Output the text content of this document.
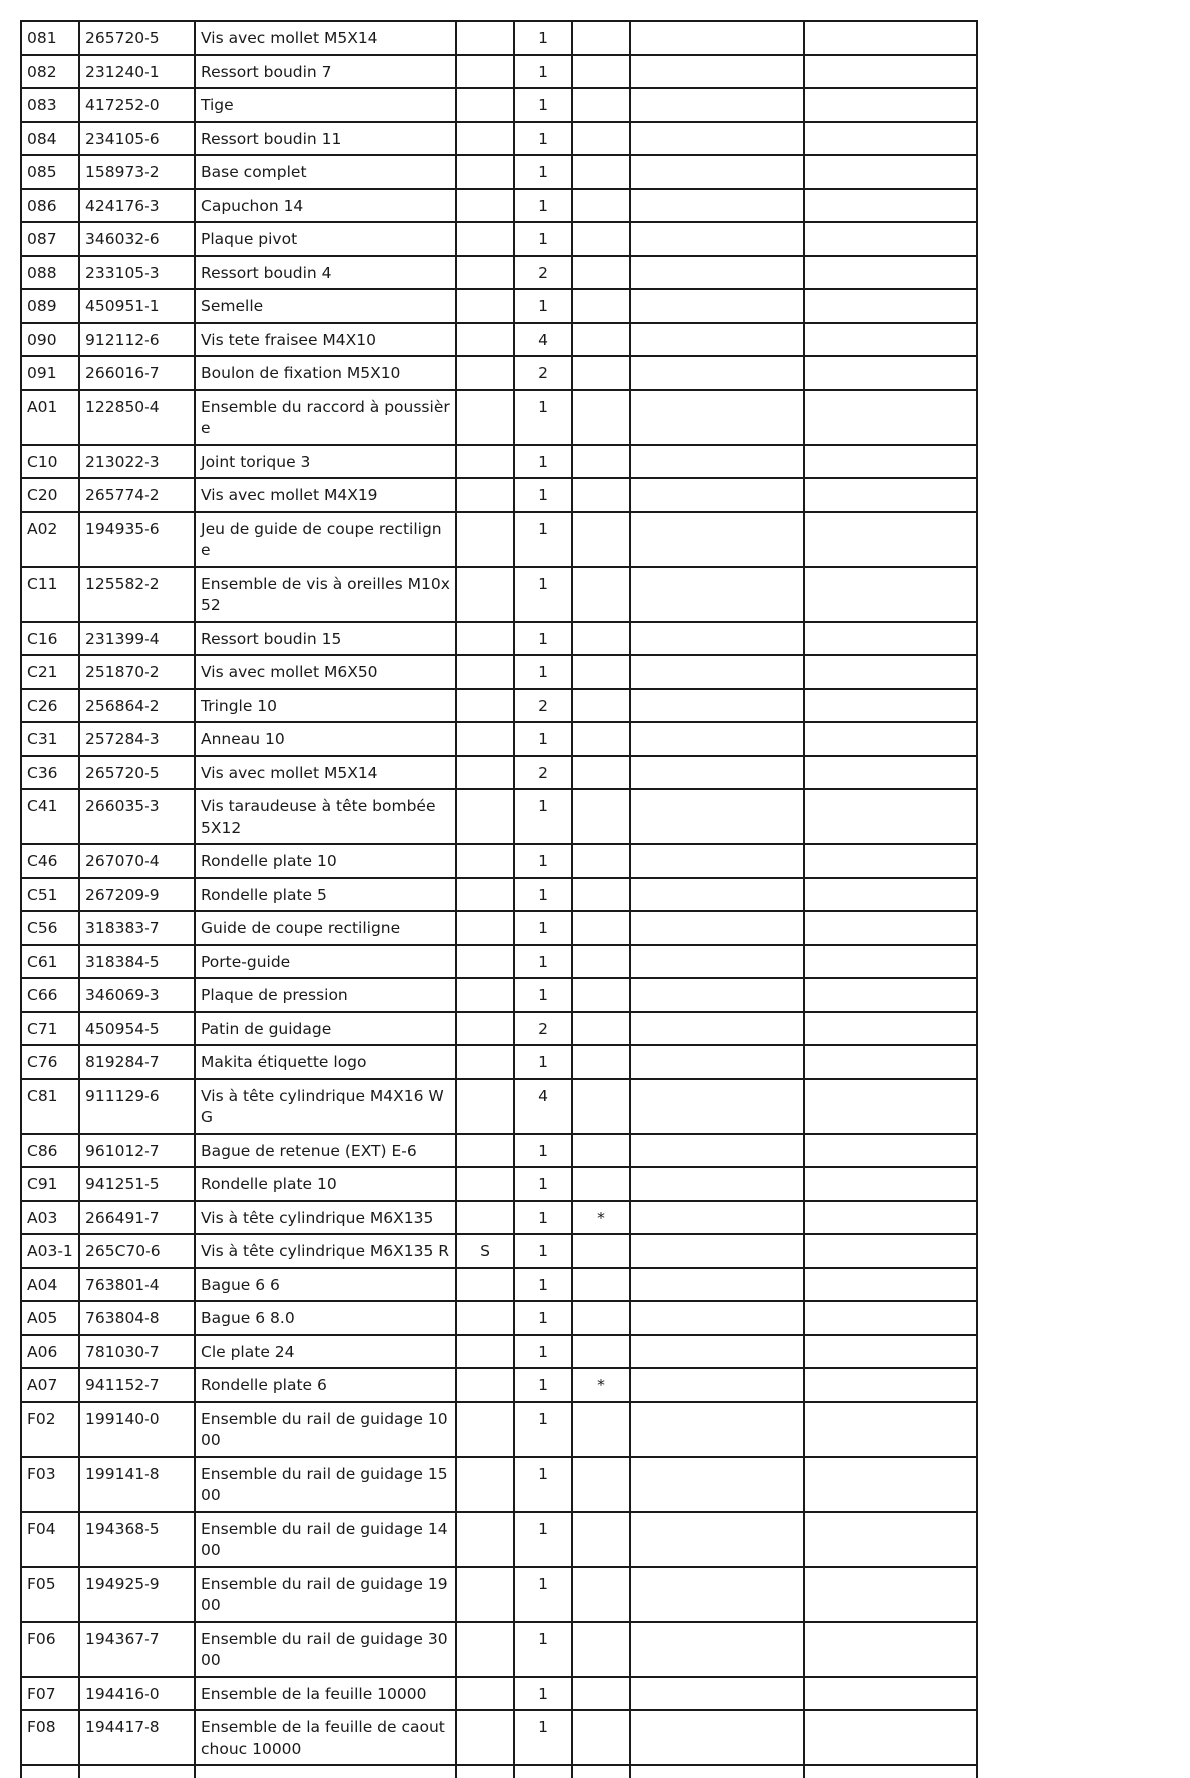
081	265720-5	Vis avec mollet M5X14		1			
082	231240-1	Ressort boudin 7		1			
083	417252-0	Tige		1			
084	234105-6	Ressort boudin 11		1			
085	158973-2	Base complet		1			
086	424176-3	Capuchon 14		1			
087	346032-6	Plaque pivot		1			
088	233105-3	Ressort boudin 4		2			
089	450951-1	Semelle		1			
090	912112-6	Vis tete fraisee M4X10		4			
091	266016-7	Boulon de fixation M5X10		2			
A01	122850-4	Ensemble du raccord à poussière		1			
C10	213022-3	Joint torique 3		1			
C20	265774-2	Vis avec mollet M4X19		1			
A02	194935-6	Jeu de guide de coupe rectiligne		1			
C11	125582-2	Ensemble de vis à oreilles M10x52		1			
C16	231399-4	Ressort boudin 15		1			
C21	251870-2	Vis avec mollet M6X50		1			
C26	256864-2	Tringle 10		2			
C31	257284-3	Anneau 10		1			
C36	265720-5	Vis avec mollet M5X14		2			
C41	266035-3	Vis taraudeuse à tête bombée 5X12		1			
C46	267070-4	Rondelle plate 10		1			
C51	267209-9	Rondelle plate 5		1			
C56	318383-7	Guide de coupe rectiligne		1			
C61	318384-5	Porte-guide		1			
C66	346069-3	Plaque de pression		1			
C71	450954-5	Patin de guidage		2			
C76	819284-7	Makita étiquette logo		1			
C81	911129-6	Vis à tête cylindrique M4X16 WG		4			
C86	961012-7	Bague de retenue (EXT) E-6		1			
C91	941251-5	Rondelle plate 10		1			
A03	266491-7	Vis à tête cylindrique M6X135		1	*		
A03-1	265C70-6	Vis à tête cylindrique M6X135 R	S	1			
A04	763801-4	Bague 6 6		1			
A05	763804-8	Bague 6 8.0		1			
A06	781030-7	Cle plate 24		1			
A07	941152-7	Rondelle plate 6		1	*		
F02	199140-0	Ensemble du rail de guidage 1000		1			
F03	199141-8	Ensemble du rail de guidage 1500		1			
F04	194368-5	Ensemble du rail de guidage 1400		1			
F05	194925-9	Ensemble du rail de guidage 1900		1			
F06	194367-7	Ensemble du rail de guidage 3000		1			
F07	194416-0	Ensemble de la feuille 10000		1			
F08	194417-8	Ensemble de la feuille de caoutchouc 10000		1			
